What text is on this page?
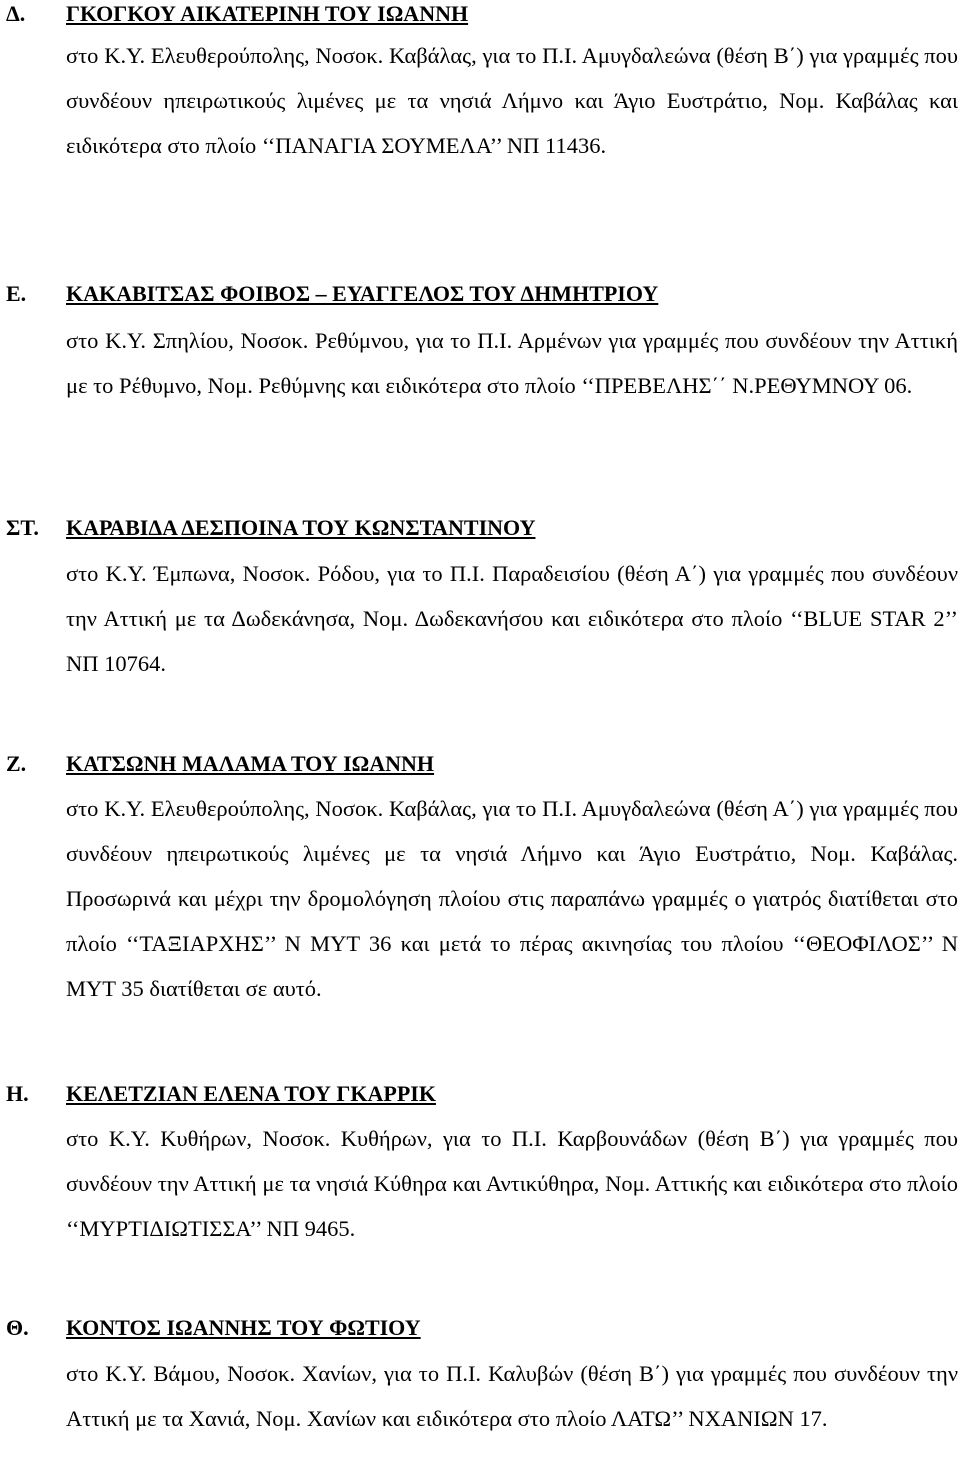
Δ. ΓΚΟΓΚΟΥ ΑΙΚΑΤΕΡΙΝΗ ΤΟΥ ΙΩΑΝΝΗ
στο Κ.Υ. Ελευθερούπολης, Νοσοκ. Καβάλας, για το Π.Ι. Αμυγδαλεώνα (θέση Β΄) για γραμμές που συνδέουν ηπειρωτικούς λιμένες με τα νησιά Λήμνο και Άγιο Ευστράτιο, Νομ. Καβάλας και ειδικότερα στο πλοίο ‘‘ΠΑΝΑΓΙΑ ΣΟΥΜΕΛΑ’’ ΝΠ 11436.
Ε. ΚΑΚΑΒΙΤΣΑΣ ΦΟΙΒΟΣ – ΕΥΑΓΓΕΛΟΣ ΤΟΥ ΔΗΜΗΤΡΙΟΥ
στο Κ.Υ. Σπηλίου, Νοσοκ. Ρεθύμνου, για το Π.Ι. Αρμένων για γραμμές που συνδέουν την Αττική με το Ρέθυμνο, Νομ. Ρεθύμνης και ειδικότερα στο πλοίο ‘‘ΠΡΕΒΕΛΗΣ΄΄ Ν.ΡΕΘΥΜΝΟΥ 06.
ΣΤ. ΚΑΡΑΒΙΔΑ ΔΕΣΠΟΙΝΑ ΤΟΥ ΚΩΝΣΤΑΝΤΙΝΟΥ
στο Κ.Υ. Έμπωνα, Νοσοκ. Ρόδου, για το Π.Ι. Παραδεισίου (θέση Α΄) για γραμμές που συνδέουν την Αττική με τα Δωδεκάνησα, Νομ. Δωδεκανήσου και ειδικότερα στο πλοίο ‘‘BLUE STAR 2’’ ΝΠ 10764.
Ζ. ΚΑΤΣΩΝΗ ΜΑΛΑΜΑ ΤΟΥ ΙΩΑΝΝΗ
στο Κ.Υ. Ελευθερούπολης, Νοσοκ. Καβάλας, για το Π.Ι. Αμυγδαλεώνα (θέση Α΄) για γραμμές που συνδέουν ηπειρωτικούς λιμένες με τα νησιά Λήμνο και Άγιο Ευστράτιο, Νομ. Καβάλας. Προσωρινά και μέχρι την δρομολόγηση πλοίου στις παραπάνω γραμμές ο γιατρός διατίθεται στο πλοίο ‘‘ΤΑΞΙΑΡΧΗΣ’’ Ν ΜΥΤ 36 και μετά το πέρας ακινησίας του πλοίου ‘‘ΘΕΟΦΙΛΟΣ’’ Ν ΜΥΤ 35 διατίθεται σε αυτό.
Η. ΚΕΛΕΤΖΙΑΝ ΕΛΕΝΑ ΤΟΥ ΓΚΑΡΡΙΚ
στο Κ.Υ. Κυθήρων, Νοσοκ. Κυθήρων, για το Π.Ι. Καρβουνάδων (θέση Β΄) για γραμμές που συνδέουν την Αττική με τα νησιά Κύθηρα και Αντικύθηρα, Νομ. Αττικής και ειδικότερα στο πλοίο ‘‘ΜΥΡΤΙΔΙΩΤΙΣΣΑ’’ ΝΠ 9465.
Θ. ΚΟΝΤΟΣ ΙΩΑΝΝΗΣ ΤΟΥ ΦΩΤΙΟΥ
στο Κ.Υ. Βάμου, Νοσοκ. Χανίων, για το Π.Ι. Καλυβών (θέση Β΄) για γραμμές που συνδέουν την Αττική με τα Χανιά, Νομ. Χανίων και ειδικότερα στο πλοίο ΛΑΤΩ’’ ΝΧΑΝΙΩΝ 17.
